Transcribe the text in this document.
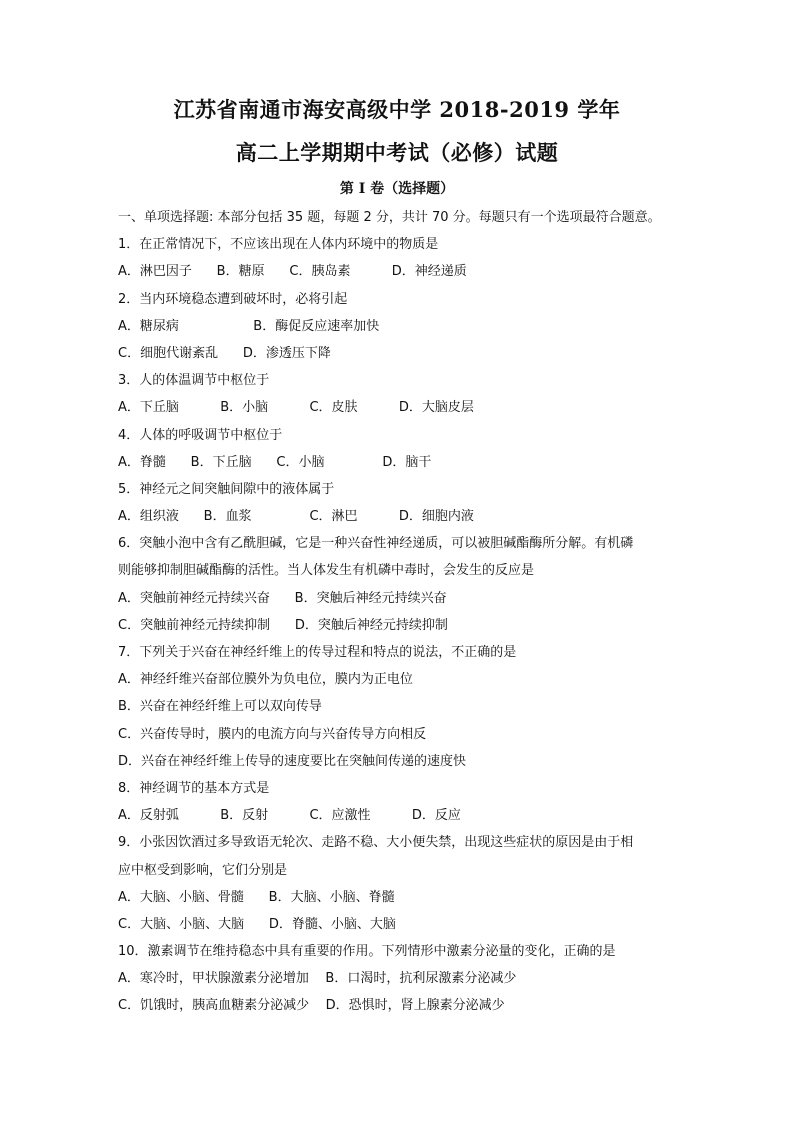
江苏省南通市海安高级中学 2018-2019 学年
高二上学期期中考试（必修）试题
第 I 卷（选择题）
一、单项选择题: 本部分包括 35 题，每题 2 分，共计 70 分。每题只有一个选项最符合题意。
1．在正常情况下，不应该出现在人体内环境中的物质是
A．淋巴因子      B．糖原      C．胰岛素          D．神经递质
2．当内环境稳态遭到破坏时，必将引起
A．糖尿病                  B．酶促反应速率加快
C．细胞代谢紊乱      D．渗透压下降
3．人的体温调节中枢位于
A．下丘脑          B．小脑          C．皮肤          D．大脑皮层
4．人体的呼吸调节中枢位于
A．脊髓      B．下丘脑      C．小脑              D．脑干
5．神经元之间突触间隙中的液体属于
A．组织液      B．血浆              C．淋巴          D．细胞内液
6．突触小泡中含有乙酰胆碱，它是一种兴奋性神经递质，可以被胆碱酯酶所分解。有机磷
则能够抑制胆碱酯酶的活性。当人体发生有机磷中毒时，会发生的反应是
A．突触前神经元持续兴奋      B．突触后神经元持续兴奋
C．突触前神经元持续抑制      D．突触后神经元持续抑制
7．下列关于兴奋在神经纤维上的传导过程和特点的说法，不正确的是
A．神经纤维兴奋部位膜外为负电位，膜内为正电位
B．兴奋在神经纤维上可以双向传导
C．兴奋传导时，膜内的电流方向与兴奋传导方向相反
D．兴奋在神经纤维上传导的速度要比在突触间传递的速度快
8．神经调节的基本方式是
A．反射弧          B．反射          C．应激性          D．反应
9．小张因饮酒过多导致语无轮次、走路不稳、大小便失禁，出现这些症状的原因是由于相
应中枢受到影响，它们分别是
A．大脑、小脑、骨髓      B．大脑、小脑、脊髓
C．大脑、小脑、大脑      D．脊髓、小脑、大脑
10．激素调节在维持稳态中具有重要的作用。下列情形中激素分泌量的变化，正确的是
A．寒冷时，甲状腺激素分泌增加    B．口渴时，抗利尿激素分泌减少
C．饥饿时，胰高血糖素分泌减少    D．恐惧时，肾上腺素分泌减少
